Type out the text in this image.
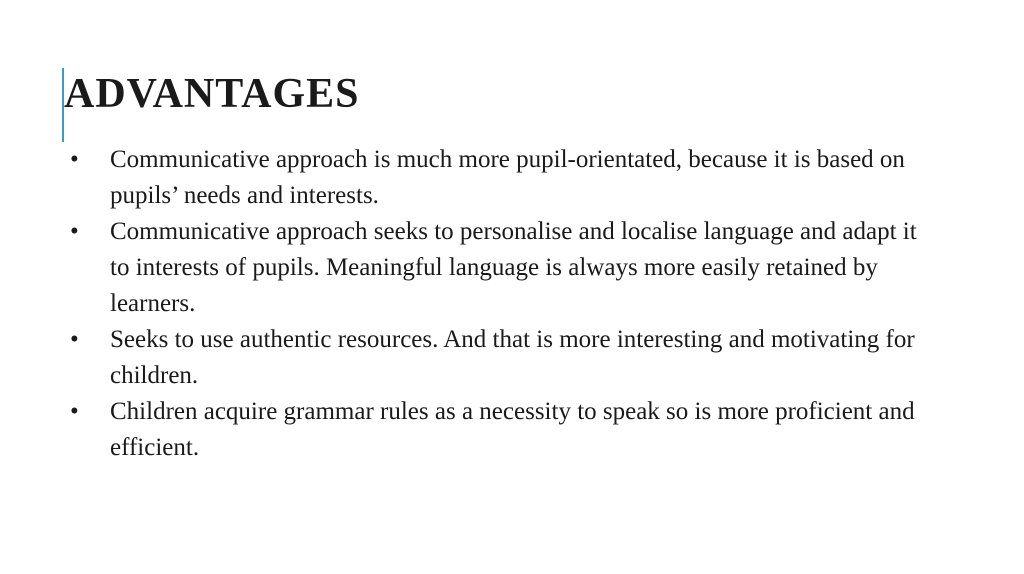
ADVANTAGES
•	Communicative approach is much more pupil-orientated, because it is based on pupils’ needs and interests.
•	Communicative approach seeks to personalise and localise language and adapt it to interests of pupils. Meaningful language is always more easily retained by learners.
•	Seeks to use authentic resources. And that is more interesting and motivating for children.
•	Children acquire grammar rules as a necessity to speak so is more proficient and efficient.
